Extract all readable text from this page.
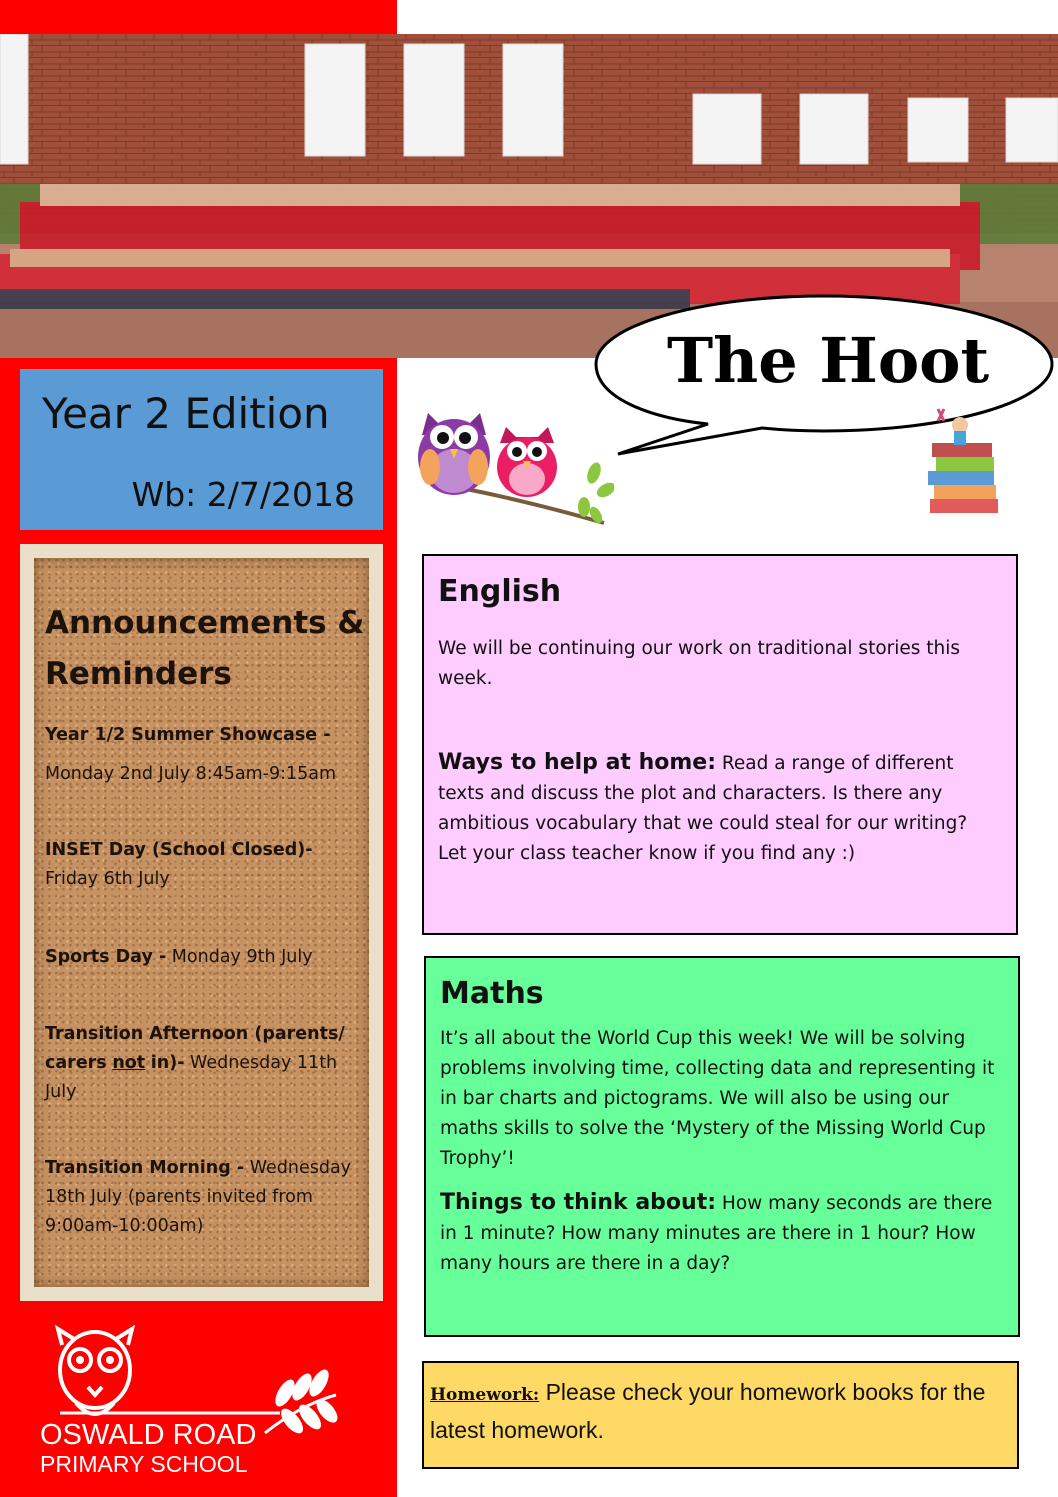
Year 2 Edition
Wb: 2/7/2018
Announcements & Reminders
Year 1/2 Summer Showcase -
Monday 2nd July 8:45am-9:15am
INSET Day (School Closed)-
Friday 6th July
Sports Day - Monday 9th July
Transition Afternoon (parents/ carers not in)- Wednesday 11th July
Transition Morning - Wednesday 18th July (parents invited from 9:00am-10:00am)
OSWALD ROAD
PRIMARY SCHOOL
The Hoot
English
We will be continuing our work on traditional stories this week.
Ways to help at home: Read a range of different texts and discuss the plot and characters. Is there any ambitious vocabulary that we could steal for our writing? Let your class teacher know if you find any :)
Maths
It’s all about the World Cup this week! We will be solving problems involving time, collecting data and representing it in bar charts and pictograms. We will also be using our maths skills to solve the ‘Mystery of the Missing World Cup Trophy’!
Things to think about: How many seconds are there in 1 minute? How many minutes are there in 1 hour? How many hours are there in a day?
Homework: Please check your homework books for the latest homework.
